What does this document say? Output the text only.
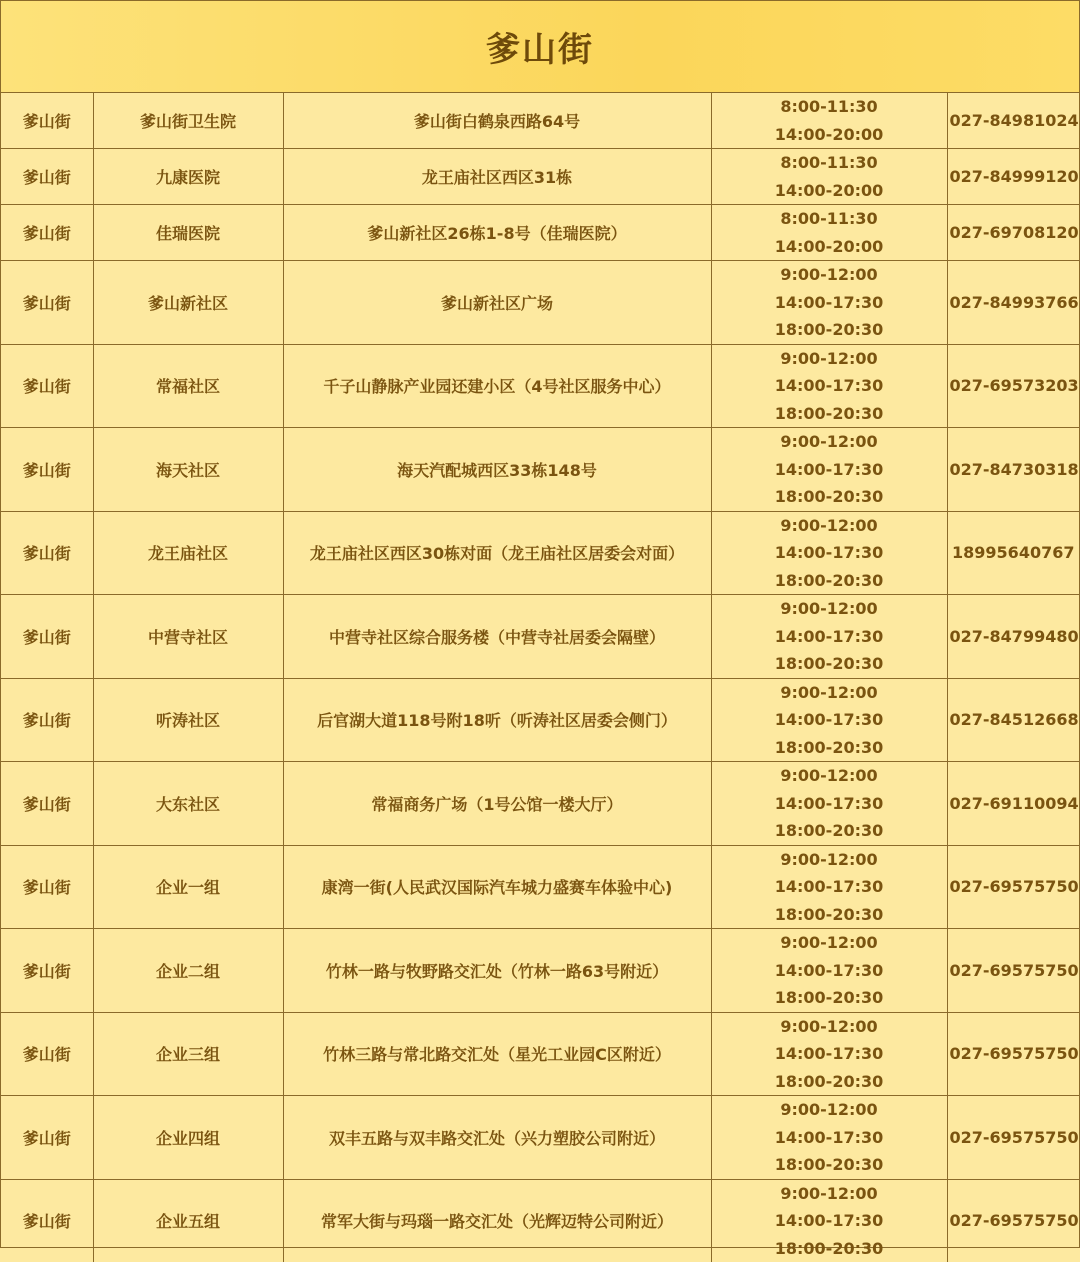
爹山街
爹山街	爹山街卫生院	爹山街白鹤泉西路64号	8:00-11:30
14:00-20:00	027-84981024
爹山街	九康医院	龙王庙社区西区31栋	8:00-11:30
14:00-20:00	027-84999120
爹山街	佳瑞医院	爹山新社区26栋1-8号（佳瑞医院）	8:00-11:30
14:00-20:00	027-69708120
爹山街	爹山新社区	爹山新社区广场	9:00-12:00
14:00-17:30
18:00-20:30	027-84993766
爹山街	常福社区	千子山静脉产业园还建小区（4号社区服务中心）	9:00-12:00
14:00-17:30
18:00-20:30	027-69573203
爹山街	海天社区	海天汽配城西区33栋148号	9:00-12:00
14:00-17:30
18:00-20:30	027-84730318
爹山街	龙王庙社区	龙王庙社区西区30栋对面（龙王庙社区居委会对面）	9:00-12:00
14:00-17:30
18:00-20:30	18995640767
爹山街	中营寺社区	中营寺社区综合服务楼（中营寺社居委会隔壁）	9:00-12:00
14:00-17:30
18:00-20:30	027-84799480
爹山街	听涛社区	后官湖大道118号附18听（听涛社区居委会侧门）	9:00-12:00
14:00-17:30
18:00-20:30	027-84512668
爹山街	大东社区	常福商务广场（1号公馆一楼大厅）	9:00-12:00
14:00-17:30
18:00-20:30	027-69110094
爹山街	企业一组	康湾一街(人民武汉国际汽车城力盛赛车体验中心)	9:00-12:00
14:00-17:30
18:00-20:30	027-69575750
爹山街	企业二组	竹林一路与牧野路交汇处（竹林一路63号附近）	9:00-12:00
14:00-17:30
18:00-20:30	027-69575750
爹山街	企业三组	竹林三路与常北路交汇处（星光工业园C区附近）	9:00-12:00
14:00-17:30
18:00-20:30	027-69575750
爹山街	企业四组	双丰五路与双丰路交汇处（兴力塑胶公司附近）	9:00-12:00
14:00-17:30
18:00-20:30	027-69575750
爹山街	企业五组	常军大街与玛瑙一路交汇处（光辉迈特公司附近）	9:00-12:00
14:00-17:30
18:00-20:30	027-69575750
